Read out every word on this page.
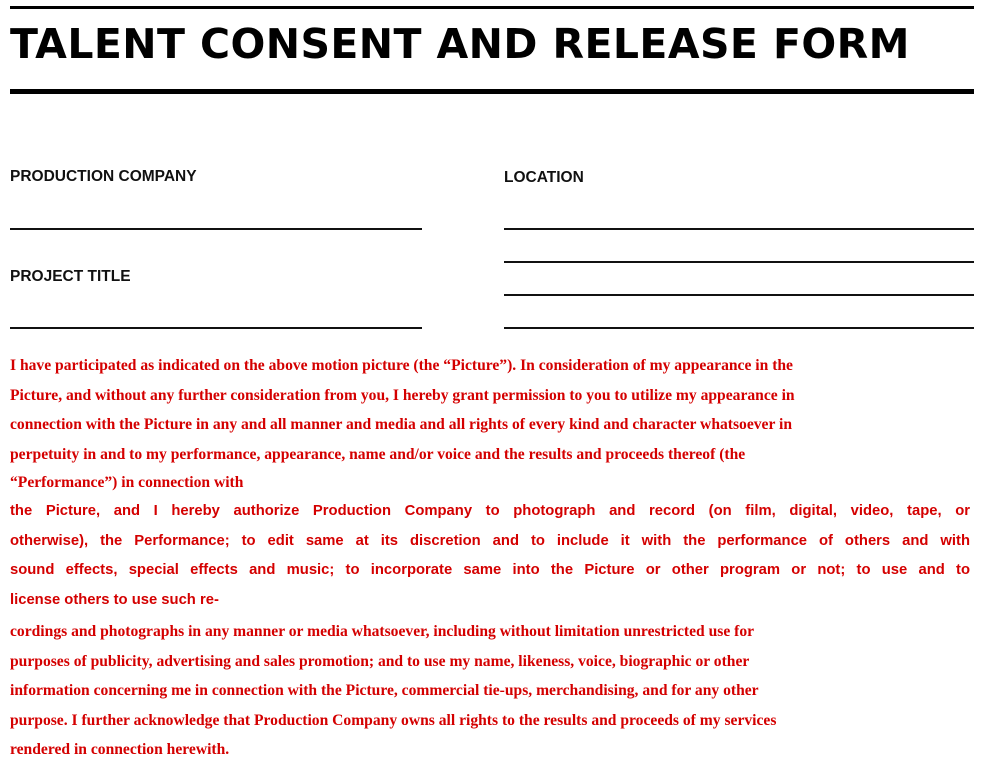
TALENT CONSENT AND RELEASE FORM
PRODUCTION COMPANY	LOCATION
PROJECT TITLE
I have participated as indicated on the above motion picture (the “Picture”). In consideration of my appearance in the
Picture, and without any further consideration from you, I hereby grant permission to you to utilize my appearance in
connection with the Picture in any and all manner and media and all rights of every kind and character whatsoever in
perpetuity in and to my performance, appearance, name and/or voice and the results and proceeds thereof (the
“Performance”) in connection with
the Picture, and I hereby authorize Production Company to photograph and record (on film, digital, video, tape, or
otherwise), the Performance; to edit same at its discretion and to include it with the performance of others and with
sound effects, special effects and music; to incorporate same into the Picture or other program or not; to use and to
license others to use such re-
cordings and photographs in any manner or media whatsoever, including without limitation unrestricted use for
purposes of publicity, advertising and sales promotion; and to use my name, likeness, voice, biographic or other
information concerning me in connection with the Picture, commercial tie-ups, merchandising, and for any other
purpose. I further acknowledge that Production Company owns all rights to the results and proceeds of my services
rendered in connection herewith.
